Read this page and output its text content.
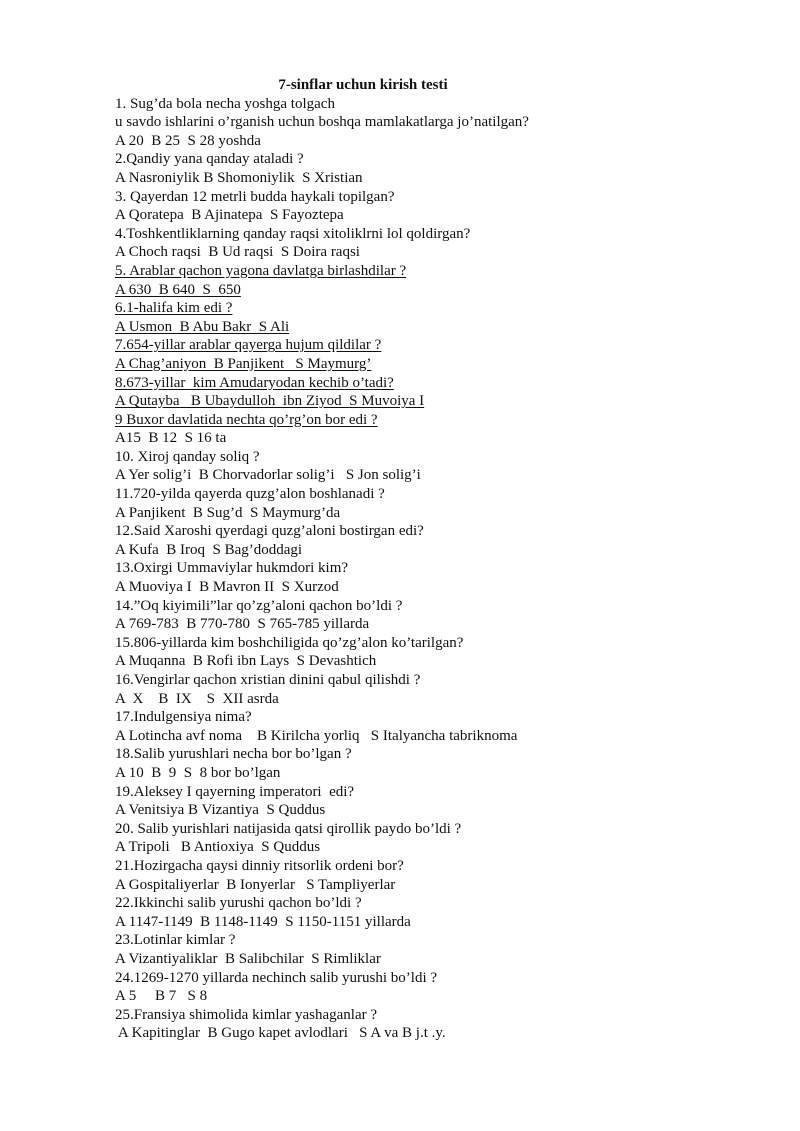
7-sinflar uchun kirish testi
1. Sug’da bola necha yoshga tolgach
u savdo ishlarini o’rganish uchun boshqa mamlakatlarga jo’natilgan?
A 20  B 25  S 28 yoshda
2.Qandiy yana qanday ataladi ?
A Nasroniylik B Shomoniylik  S Xristian
3. Qayerdan 12 metrli budda haykali topilgan?
A Qoratepa  B Ajinatepa  S Fayoztepa
4.Toshkentliklarning qanday raqsi xitoliklrni lol qoldirgan?
A Choch raqsi  B Ud raqsi  S Doira raqsi
5. Arablar qachon yagona davlatga birlashdilar ?
A 630  B 640  S  650
6.1-halifa kim edi ?
A Usmon  B Abu Bakr  S Ali
7.654-yillar arablar qayerga hujum qildilar ?
A Chag’aniyon  B Panjikent   S Maymurg’
8.673-yillar  kim Amudaryodan kechib o’tadi?
A Qutayba   B Ubaydulloh  ibn Ziyod  S Muvoiya I
9 Buxor davlatida nechta qo’rg’on bor edi ?
A15  B 12  S 16 ta
10. Xiroj qanday soliq ?
A Yer solig’i  B Chorvadorlar solig’i   S Jon solig’i
11.720-yilda qayerda quzg’alon boshlanadi ?
A Panjikent  B Sug’d  S Maymurg’da
12.Said Xaroshi qyerdagi quzg’aloni bostirgan edi?
A Kufa  B Iroq  S Bag’doddagi
13.Oxirgi Ummaviylar hukmdori kim?
A Muoviya I  B Mavron II  S Xurzod
14.”Oq kiyimili”lar qo’zg’aloni qachon bo’ldi ?
A 769-783  B 770-780  S 765-785 yillarda
15.806-yillarda kim boshchiligida qo’zg’alon ko’tarilgan?
A Muqanna  B Rofi ibn Lays  S Devashtich
16.Vengirlar qachon xristian dinini qabul qilishdi ?
A  X    B  IX    S  XII asrda
17.Indulgensiya nima?
A Lotincha avf noma    B Kirilcha yorliq   S Italyancha tabriknoma
18.Salib yurushlari necha bor bo’lgan ?
A 10  B  9  S  8 bor bo’lgan
19.Aleksey I qayerning imperatori  edi?
A Venitsiya B Vizantiya  S Quddus
20. Salib yurishlari natijasida qatsi qirollik paydo bo’ldi ?
A Tripoli   B Antioxiya  S Quddus
21.Hozirgacha qaysi dinniy ritsorlik ordeni bor?
A Gospitaliyerlar  B Ionyerlar   S Tampliyerlar
22.Ikkinchi salib yurushi qachon bo’ldi ?
A 1147-1149  B 1148-1149  S 1150-1151 yillarda
23.Lotinlar kimlar ?
A Vizantiyaliklar  B Salibchilar  S Rimliklar
24.1269-1270 yillarda nechinch salib yurushi bo’ldi ?
A 5     B 7   S 8
25.Fransiya shimolida kimlar yashaganlar ?
A Kapitinglar  B Gugo kapet avlodlari   S A va B j.t .y.
